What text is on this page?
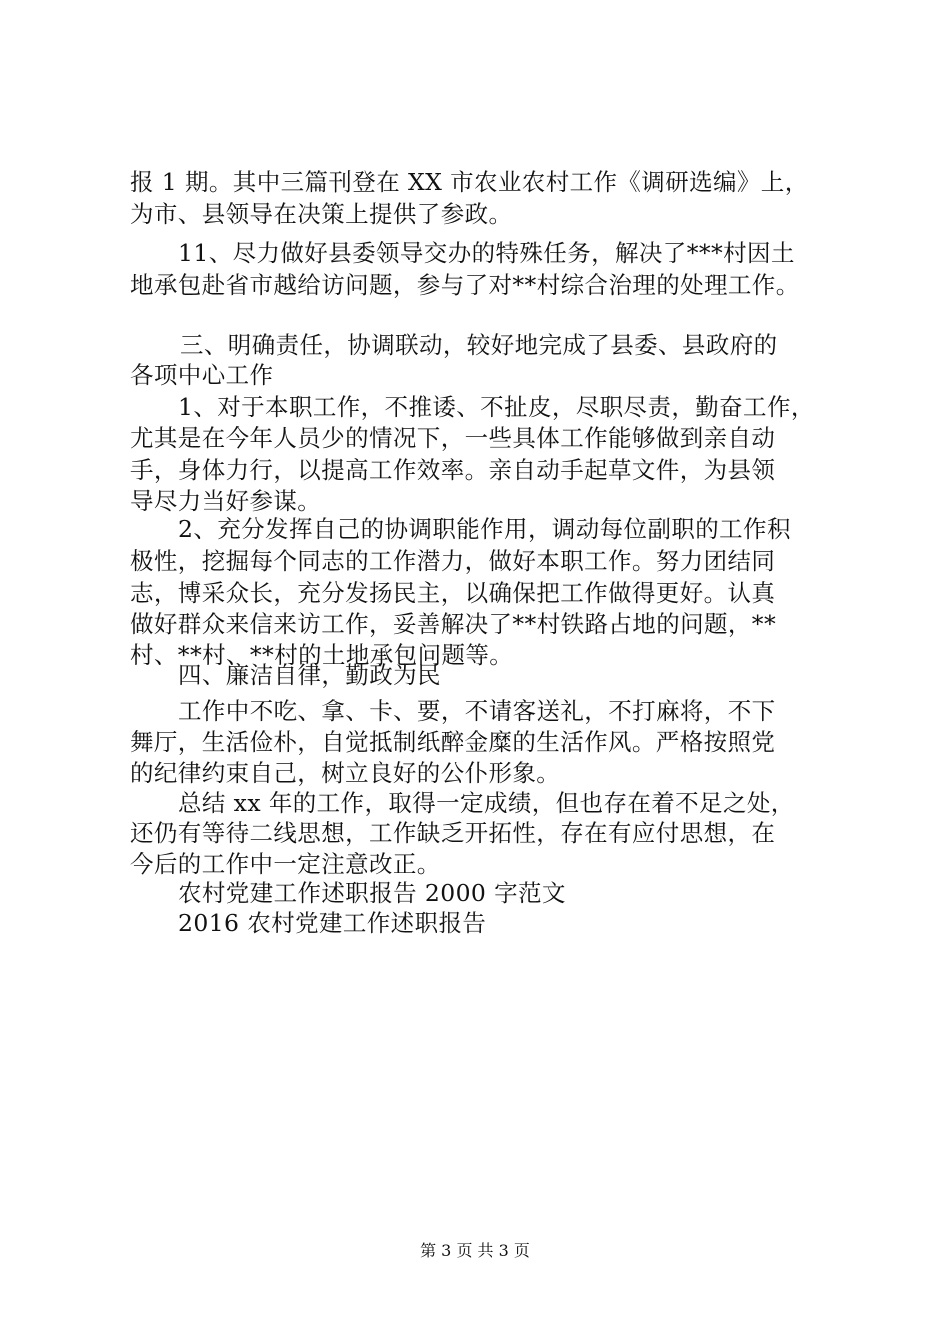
报 1 期。其中三篇刊登在 XX 市农业农村工作《调研选编》上，
为市、县领导在决策上提供了参政。
11、尽力做好县委领导交办的特殊任务，解决了***村因土
地承包赴省市越给访问题，参与了对**村综合治理的处理工作。
三、明确责任，协调联动，较好地完成了县委、县政府的
各项中心工作
1、对于本职工作，不推诿、不扯皮，尽职尽责，勤奋工作，
尤其是在今年人员少的情况下，一些具体工作能够做到亲自动
手，身体力行，以提高工作效率。亲自动手起草文件，为县领
导尽力当好参谋。
2、充分发挥自己的协调职能作用，调动每位副职的工作积
极性，挖掘每个同志的工作潜力，做好本职工作。努力团结同
志，博采众长，充分发扬民主，以确保把工作做得更好。认真
做好群众来信来访工作，妥善解决了**村铁路占地的问题，**
村、**村、**村的土地承包问题等。
四、廉洁自律，勤政为民
工作中不吃、拿、卡、要，不请客送礼，不打麻将，不下
舞厅，生活俭朴，自觉抵制纸醉金糜的生活作风。严格按照党
的纪律约束自己，树立良好的公仆形象。
总结 xx 年的工作，取得一定成绩，但也存在着不足之处，
还仍有等待二线思想，工作缺乏开拓性，存在有应付思想，在
今后的工作中一定注意改正。
农村党建工作述职报告 2000 字范文
2016 农村党建工作述职报告
第 3 页 共 3 页
